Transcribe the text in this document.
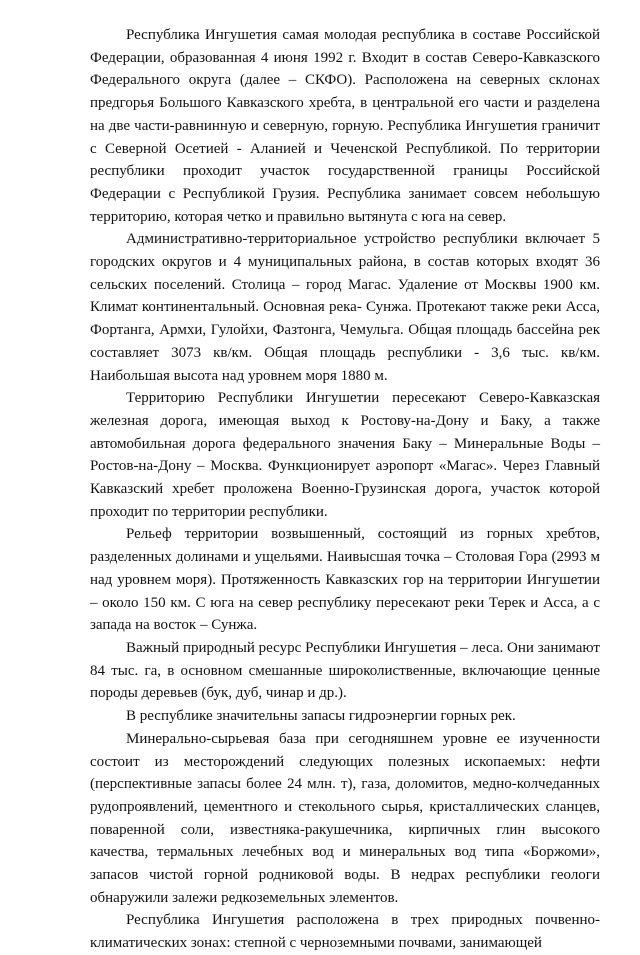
Республика Ингушетия самая молодая республика в составе Российской Федерации, образованная 4 июня 1992 г. Входит в состав Северо-Кавказского Федерального округа (далее – СКФО). Расположена на северных склонах предгорья Большого Кавказского хребта, в центральной его части и разделена на две части-равнинную и северную, горную. Республика Ингушетия граничит с Северной Осетией - Аланией и Чеченской Республикой. По территории республики проходит участок государственной границы Российской Федерации с Республикой Грузия. Республика занимает совсем небольшую территорию, которая четко и правильно вытянута с юга на север.

Административно-территориальное устройство республики включает 5 городских округов и 4 муниципальных района, в состав которых входят 36 сельских поселений. Столица – город Магас. Удаление от Москвы 1900 км. Климат континентальный. Основная река- Сунжа. Протекают также реки Асса, Фортанга, Армхи, Гулойхи, Фазтонга, Чемульга. Общая площадь бассейна рек составляет 3073 кв/км. Общая площадь республики - 3,6 тыс. кв/км. Наибольшая высота над уровнем моря 1880 м.

Территорию Республики Ингушетии пересекают Северо-Кавказская железная дорога, имеющая выход к Ростову-на-Дону и Баку, а также автомобильная дорога федерального значения Баку – Минеральные Воды – Ростов-на-Дону – Москва. Функционирует аэропорт «Магас». Через Главный Кавказский хребет проложена Военно-Грузинская дорога, участок которой проходит по территории республики.

Рельеф территории возвышенный, состоящий из горных хребтов, разделенных долинами и ущельями. Наивысшая точка – Столовая Гора (2993 м над уровнем моря). Протяженность Кавказских гор на территории Ингушетии – около 150 км. С юга на север республику пересекают реки Терек и Асса, а с запада на восток – Сунжа.

Важный природный ресурс Республики Ингушетия – леса. Они занимают 84 тыс. га, в основном смешанные широколиственные, включающие ценные породы деревьев (бук, дуб, чинар и др.).

В республике значительны запасы гидроэнергии горных рек.

Минерально-сырьевая база при сегодняшнем уровне ее изученности состоит из месторождений следующих полезных ископаемых: нефти (перспективные запасы более 24 млн. т), газа, доломитов, медно-колчеданных рудопроявлений, цементного и стекольного сырья, кристаллических сланцев, поваренной соли, известняка-ракушечника, кирпичных глин высокого качества, термальных лечебных вод и минеральных вод типа «Боржоми», запасов чистой горной родниковой воды. В недрах республики геологи обнаружили залежи редкоземельных элементов.

Республика Ингушетия расположена в трех природных почвенно-климатических зонах: степной с черноземными почвами, занимающей
